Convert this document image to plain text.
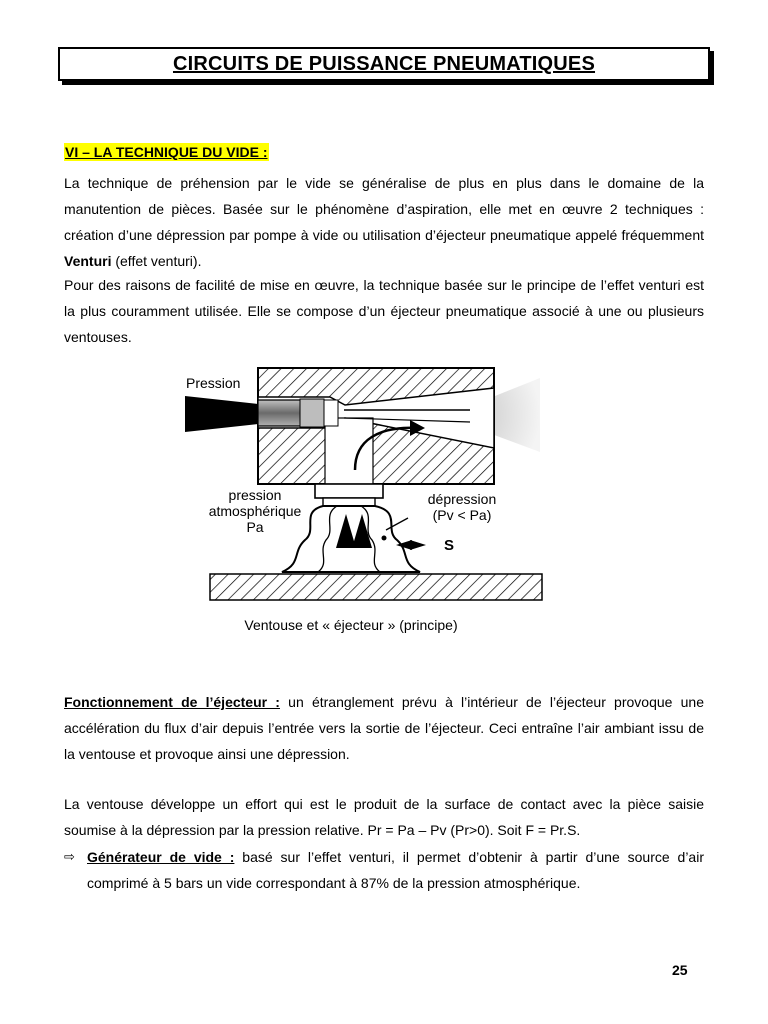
CIRCUITS DE PUISSANCE PNEUMATIQUES
VI – LA TECHNIQUE DU VIDE :

La technique de préhension par le vide se généralise de plus en plus dans le domaine de la manutention de pièces. Basée sur le phénomène d’aspiration, elle met en œuvre 2 techniques : création d’une dépression par pompe à vide ou utilisation d’éjecteur pneumatique appelé fréquemment Venturi (effet venturi).

Pour des raisons de facilité de mise en œuvre, la technique basée sur le principe de l’effet venturi est la plus couramment utilisée. Elle se compose d’un éjecteur pneumatique associé à une ou plusieurs ventouses.

Pression
pression
atmosphérique
Pa
dépression
(Pv < Pa)
S
Ventouse et « éjecteur » (principe)

Fonctionnement de l’éjecteur : un étranglement prévu à l’intérieur de l’éjecteur provoque une accélération du flux d’air depuis l’entrée vers la sortie de l’éjecteur. Ceci entraîne l’air ambiant issu de la ventouse et provoque ainsi une dépression.

La ventouse développe un effort qui est le produit de la surface de contact avec la pièce saisie soumise à la dépression par la pression relative. Pr = Pa – Pv (Pr>0). Soit F = Pr.S.

⇨ Générateur de vide : basé sur l’effet venturi, il permet d’obtenir à partir d’une source d’air comprimé à 5 bars un vide correspondant à 87% de la pression atmosphérique.
25
